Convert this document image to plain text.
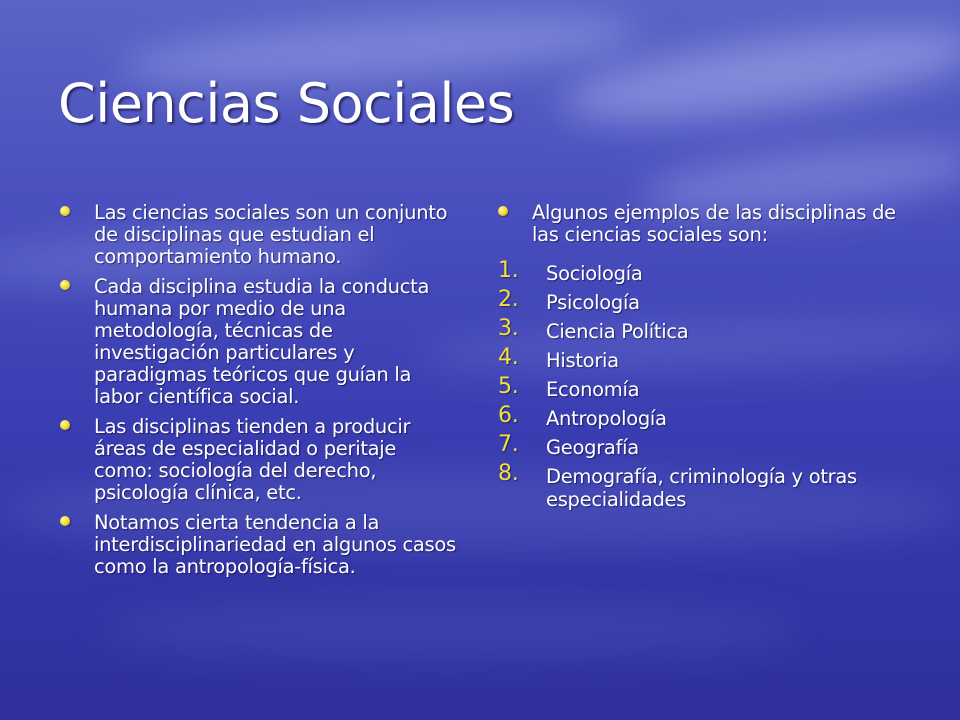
Ciencias Sociales
Las ciencias sociales son un conjunto de disciplinas que estudian el comportamiento humano.
Cada disciplina estudia la conducta humana por medio de una metodología, técnicas de investigación particulares y paradigmas teóricos que guían la labor científica social.
Las disciplinas tienden a producir áreas de especialidad o peritaje como: sociología del derecho, psicología clínica, etc.
Notamos cierta tendencia a la interdisciplinariedad en algunos casos como la antropología-física.
Algunos ejemplos de las disciplinas de las ciencias sociales son:
1. Sociología
2. Psicología
3. Ciencia Política
4. Historia
5. Economía
6. Antropología
7. Geografía
8. Demografía, criminología y otras especialidades
